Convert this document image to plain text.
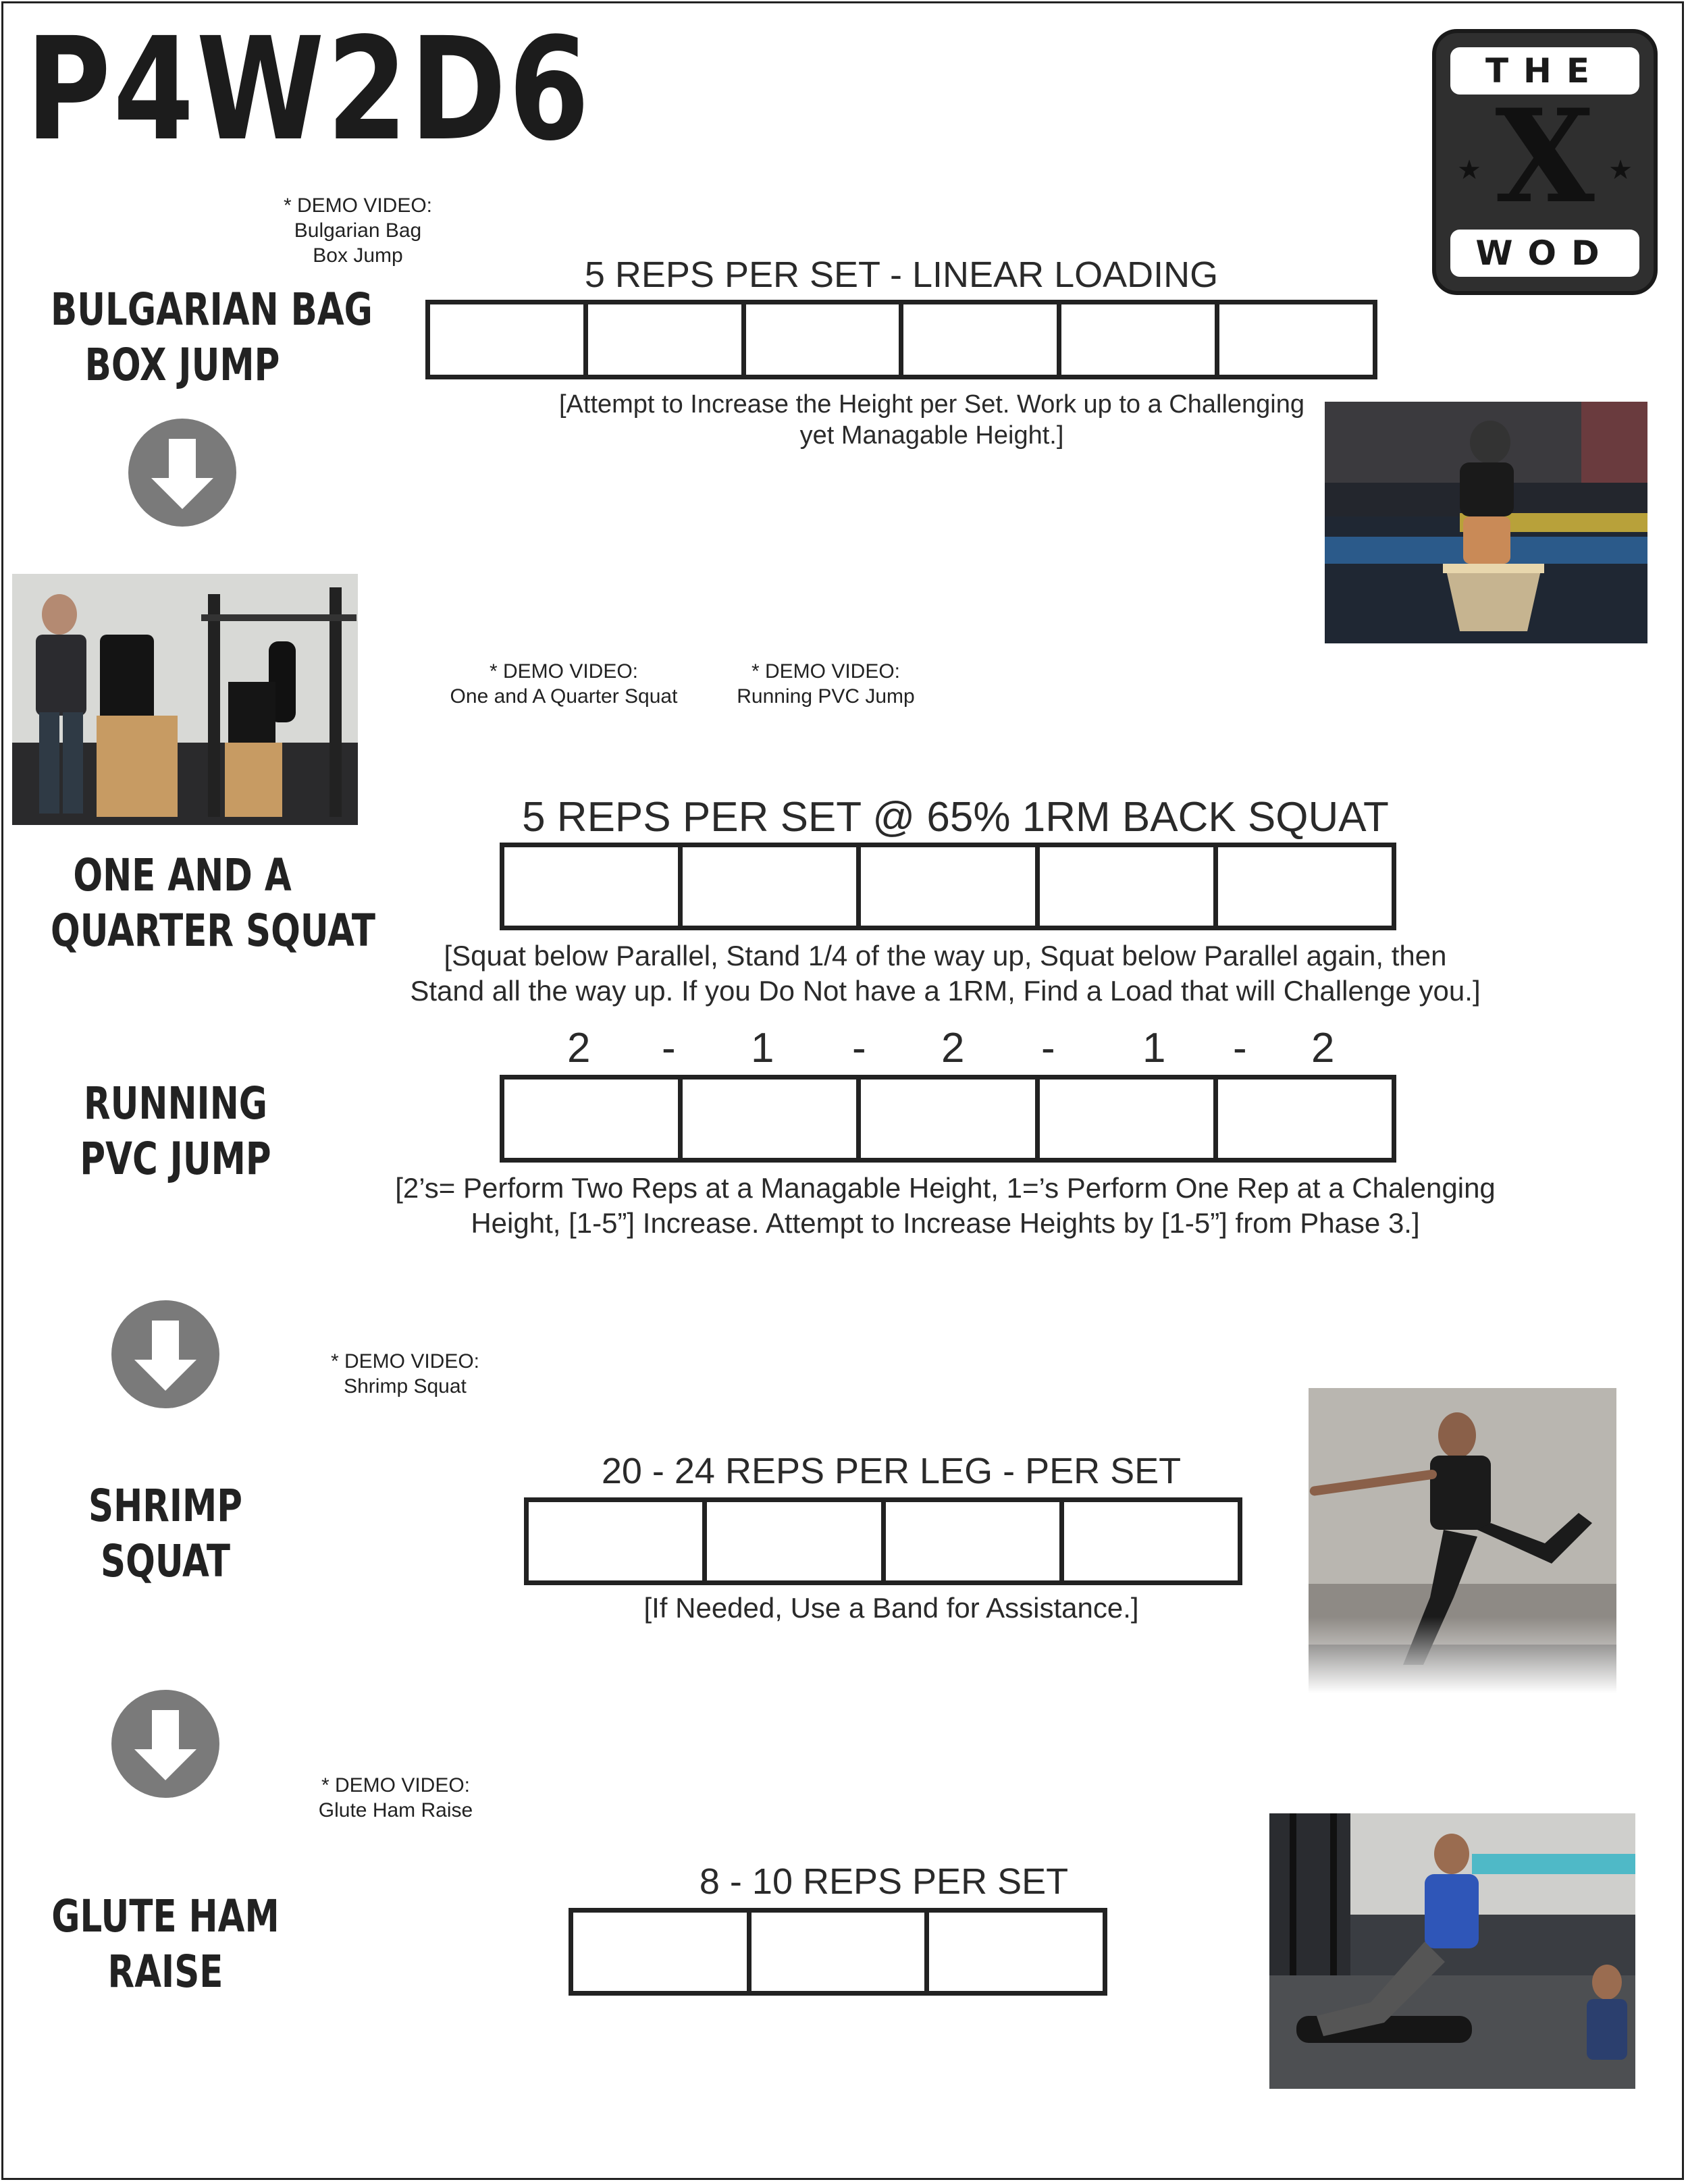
P4W2D6	THE
WOD
X
★	★
* DEMO VIDEO:
Bulgarian Bag
Box Jump
BULGARIAN BAG
BOX JUMP
5 REPS PER SET - LINEAR LOADING
[Attempt to Increase the Height per Set. Work up to a Challenging
yet Managable Height.]
* DEMO VIDEO:
One and A Quarter Squat
* DEMO VIDEO:
Running PVC Jump
ONE AND A
QUARTER SQUAT
5 REPS PER SET @ 65% 1RM BACK SQUAT
[Squat below Parallel, Stand 1/4 of the way up, Squat below Parallel again, then
Stand all the way up. If you Do Not have a 1RM, Find a Load that will Challenge you.]
2 - 1 - 2 - 1 - 2
RUNNING
PVC JUMP
[2’s= Perform Two Reps at a Managable Height, 1=’s Perform One Rep at a Chalenging
Height, [1-5”] Increase. Attempt to Increase Heights by [1-5”] from Phase 3.]
* DEMO VIDEO:
Shrimp Squat
SHRIMP
SQUAT
20 - 24 REPS PER LEG - PER SET
[If Needed, Use a Band for Assistance.]
* DEMO VIDEO:
Glute Ham Raise
GLUTE HAM
RAISE
8 - 10 REPS PER SET
